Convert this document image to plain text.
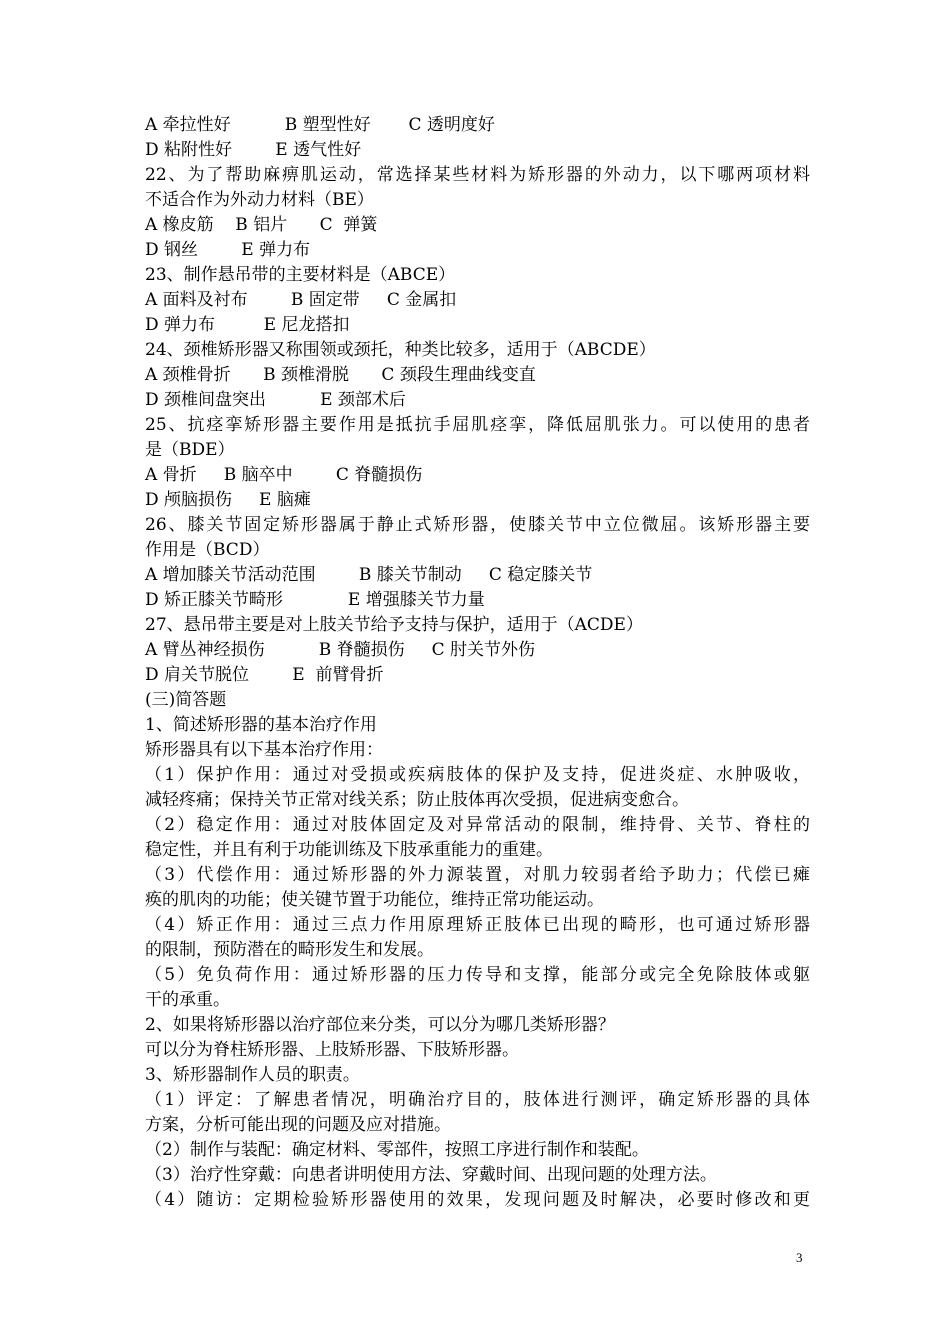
A 牵拉性好          B 塑型性好       C 透明度好
D 粘附性好        E 透气性好
22、为了帮助麻痹肌运动，常选择某些材料为矫形器的外动力，以下哪两项材料
不适合作为外动力材料（BE）
A 橡皮筋    B 铝片      C  弹簧
D 钢丝        E 弹力布
23、制作悬吊带的主要材料是（ABCE）
A 面料及衬布        B 固定带     C 金属扣
D 弹力布         E 尼龙搭扣
24、颈椎矫形器又称围领或颈托，种类比较多，适用于（ABCDE）
A 颈椎骨折      B 颈椎滑脱      C 颈段生理曲线变直
D 颈椎间盘突出          E 颈部术后
25、抗痉挛矫形器主要作用是抵抗手屈肌痉挛，降低屈肌张力。可以使用的患者
是（BDE）
A 骨折     B 脑卒中        C 脊髓损伤
D 颅脑损伤     E 脑瘫
26、膝关节固定矫形器属于静止式矫形器，使膝关节中立位微屈。该矫形器主要
作用是（BCD）
A 增加膝关节活动范围        B 膝关节制动     C 稳定膝关节
D 矫正膝关节畸形            E 增强膝关节力量
27、悬吊带主要是对上肢关节给予支持与保护，适用于（ACDE）
A 臂丛神经损伤          B 脊髓损伤     C 肘关节外伤
D 肩关节脱位        E  前臂骨折
(三)简答题
1、简述矫形器的基本治疗作用
矫形器具有以下基本治疗作用：
（1）保护作用：通过对受损或疾病肢体的保护及支持，促进炎症、水肿吸收，
减轻疼痛；保持关节正常对线关系；防止肢体再次受损，促进病变愈合。
（2）稳定作用：通过对肢体固定及对异常活动的限制，维持骨、关节、脊柱的
稳定性，并且有利于功能训练及下肢承重能力的重建。
（3）代偿作用：通过矫形器的外力源装置，对肌力较弱者给予助力；代偿已瘫
痪的肌肉的功能；使关键节置于功能位，维持正常功能运动。
（4）矫正作用：通过三点力作用原理矫正肢体已出现的畸形，也可通过矫形器
的限制，预防潜在的畸形发生和发展。
（5）免负荷作用：通过矫形器的压力传导和支撑，能部分或完全免除肢体或躯
干的承重。
2、如果将矫形器以治疗部位来分类，可以分为哪几类矫形器？
可以分为脊柱矫形器、上肢矫形器、下肢矫形器。
3、矫形器制作人员的职责。
（1）评定：了解患者情况，明确治疗目的，肢体进行测评，确定矫形器的具体
方案，分析可能出现的问题及应对措施。
（2）制作与装配：确定材料、零部件，按照工序进行制作和装配。
（3）治疗性穿戴：向患者讲明使用方法、穿戴时间、出现问题的处理方法。
（4）随访：定期检验矫形器使用的效果，发现问题及时解决，必要时修改和更
3
